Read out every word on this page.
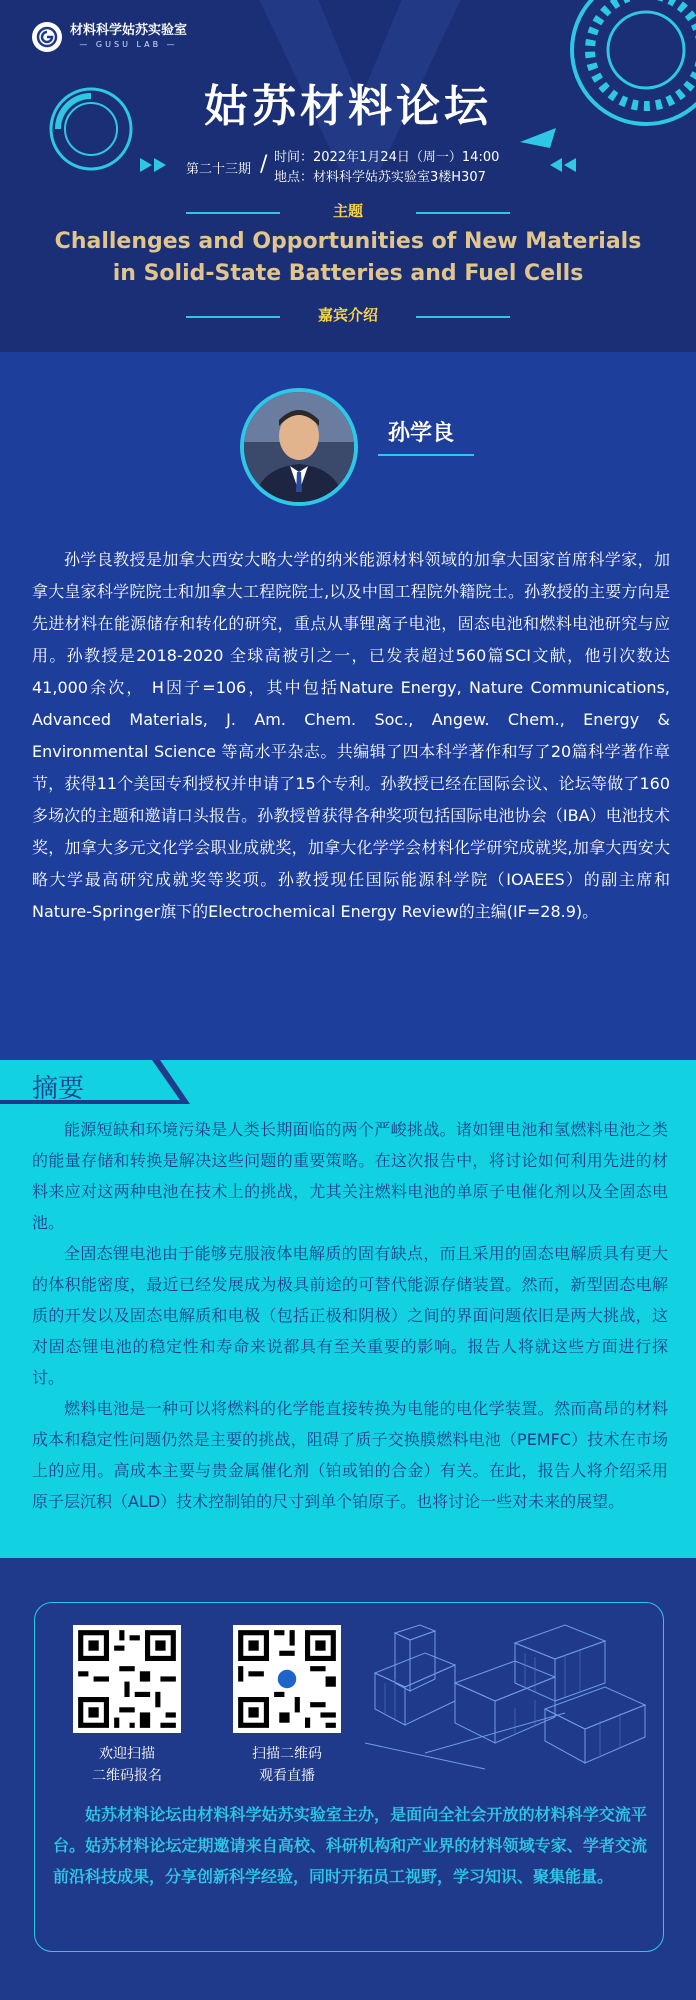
材料科学姑苏实验室
— GUSU LAB —
姑苏材料论坛
第二十三期 / 时间：2022年1月24日（周一）14:00
地点：材料科学姑苏实验室3楼H307
主题
Challenges and Opportunities of New Materials
in Solid-State Batteries and Fuel Cells
嘉宾介绍
孙学良
孙学良教授是加拿大西安大略大学的纳米能源材料领域的加拿大国家首席科学家，加拿大皇家科学院院士和加拿大工程院院士,以及中国工程院外籍院士。孙教授的主要方向是先进材料在能源储存和转化的研究，重点从事锂离子电池，固态电池和燃料电池研究与应用。孙教授是2018-2020 全球高被引之一，已发表超过560篇SCI文献，他引次数达41,000余次， H因子=106，其中包括Nature Energy, Nature Communications, Advanced Materials, J. Am. Chem. Soc., Angew. Chem., Energy & Environmental Science 等高水平杂志。共编辑了四本科学著作和写了20篇科学著作章节，获得11个美国专利授权并申请了15个专利。孙教授已经在国际会议、论坛等做了160多场次的主题和邀请口头报告。孙教授曾获得各种奖项包括国际电池协会（IBA）电池技术奖，加拿大多元文化学会职业成就奖，加拿大化学学会材料化学研究成就奖,加拿大西安大略大学最高研究成就奖等奖项。孙教授现任国际能源科学院（IOAEES）的副主席和Nature-Springer旗下的Electrochemical Energy Review的主编(IF=28.9)。
摘要

能源短缺和环境污染是人类长期面临的两个严峻挑战。诸如锂电池和氢燃料电池之类的能量存储和转换是解决这些问题的重要策略。在这次报告中，将讨论如何利用先进的材料来应对这两种电池在技术上的挑战，尤其关注燃料电池的单原子电催化剂以及全固态电池。

全固态锂电池由于能够克服液体电解质的固有缺点，而且采用的固态电解质具有更大的体积能密度，最近已经发展成为极具前途的可替代能源存储装置。然而，新型固态电解质的开发以及固态电解质和电极（包括正极和阴极）之间的界面问题依旧是两大挑战，这对固态锂电池的稳定性和寿命来说都具有至关重要的影响。报告人将就这些方面进行探讨。

燃料电池是一种可以将燃料的化学能直接转换为电能的电化学装置。然而高昂的材料成本和稳定性问题仍然是主要的挑战，阻碍了质子交换膜燃料电池（PEMFC）技术在市场上的应用。高成本主要与贵金属催化剂（铂或铂的合金）有关。在此，报告人将介绍采用原子层沉积（ALD）技术控制铂的尺寸到单个铂原子。也将讨论一些对未来的展望。

欢迎扫描
二维码报名
扫描二维码
观看直播
姑苏材料论坛由材料科学姑苏实验室主办，是面向全社会开放的材料科学交流平台。姑苏材料论坛定期邀请来自高校、科研机构和产业界的材料领域专家、学者交流前沿科技成果，分享创新科学经验，同时开拓员工视野，学习知识、聚集能量。
